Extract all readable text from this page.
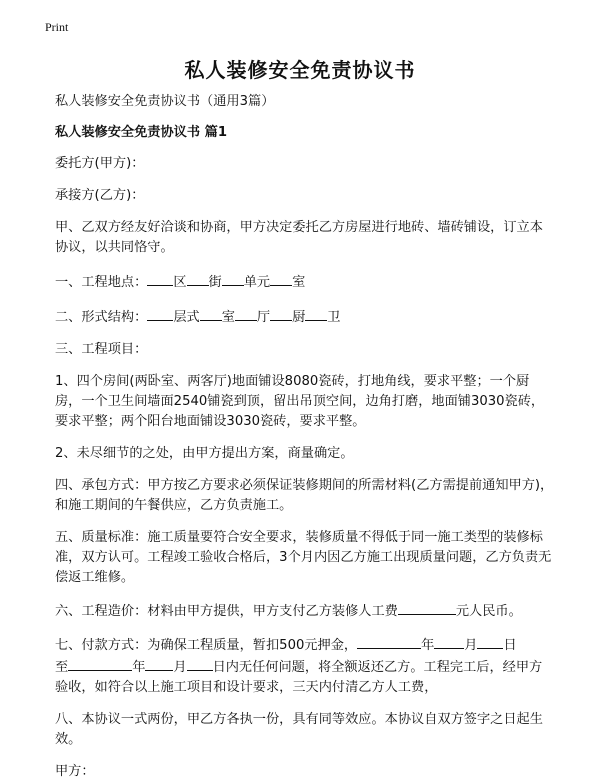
Print
私人装修安全免责协议书

私人装修安全免责协议书（通用3篇）

私人装修安全免责协议书 篇1

委托方(甲方)：

承接方(乙方)：

甲、乙双方经友好洽谈和协商，甲方决定委托乙方房屋进行地砖、墙砖铺设，订立本协议，以共同恪守。

一、工程地点： 区 街 单元 室

二、形式结构： 层式 室 厅 厨 卫

三、工程项目：

1、四个房间(两卧室、两客厅)地面铺设8080瓷砖，打地角线，要求平整；一个厨房，一个卫生间墙面2540铺瓷到顶，留出吊顶空间，边角打磨，地面铺3030瓷砖，要求平整；两个阳台地面铺设3030瓷砖，要求平整。

2、未尽细节的之处，由甲方提出方案，商量确定。

四、承包方式：甲方按乙方要求必须保证装修期间的所需材料(乙方需提前通知甲方)，和施工期间的午餐供应，乙方负责施工。

五、质量标准：施工质量要符合安全要求，装修质量不得低于同一施工类型的装修标准，双方认可。工程竣工验收合格后，3个月内因乙方施工出现质量问题，乙方负责无偿返工维修。

六、工程造价：材料由甲方提供，甲方支付乙方装修人工费	元人民币。

七、付款方式：为确保工程质量，暂扣500元押金，	年 月 日
至	年 月 日内无任何问题，将全额返还乙方。工程完工后，经甲方验收，如符合以上施工项目和设计要求，三天内付清乙方人工费，

八、本协议一式两份，甲乙方各执一份，具有同等效应。本协议自双方签字之日起生效。

甲方：
